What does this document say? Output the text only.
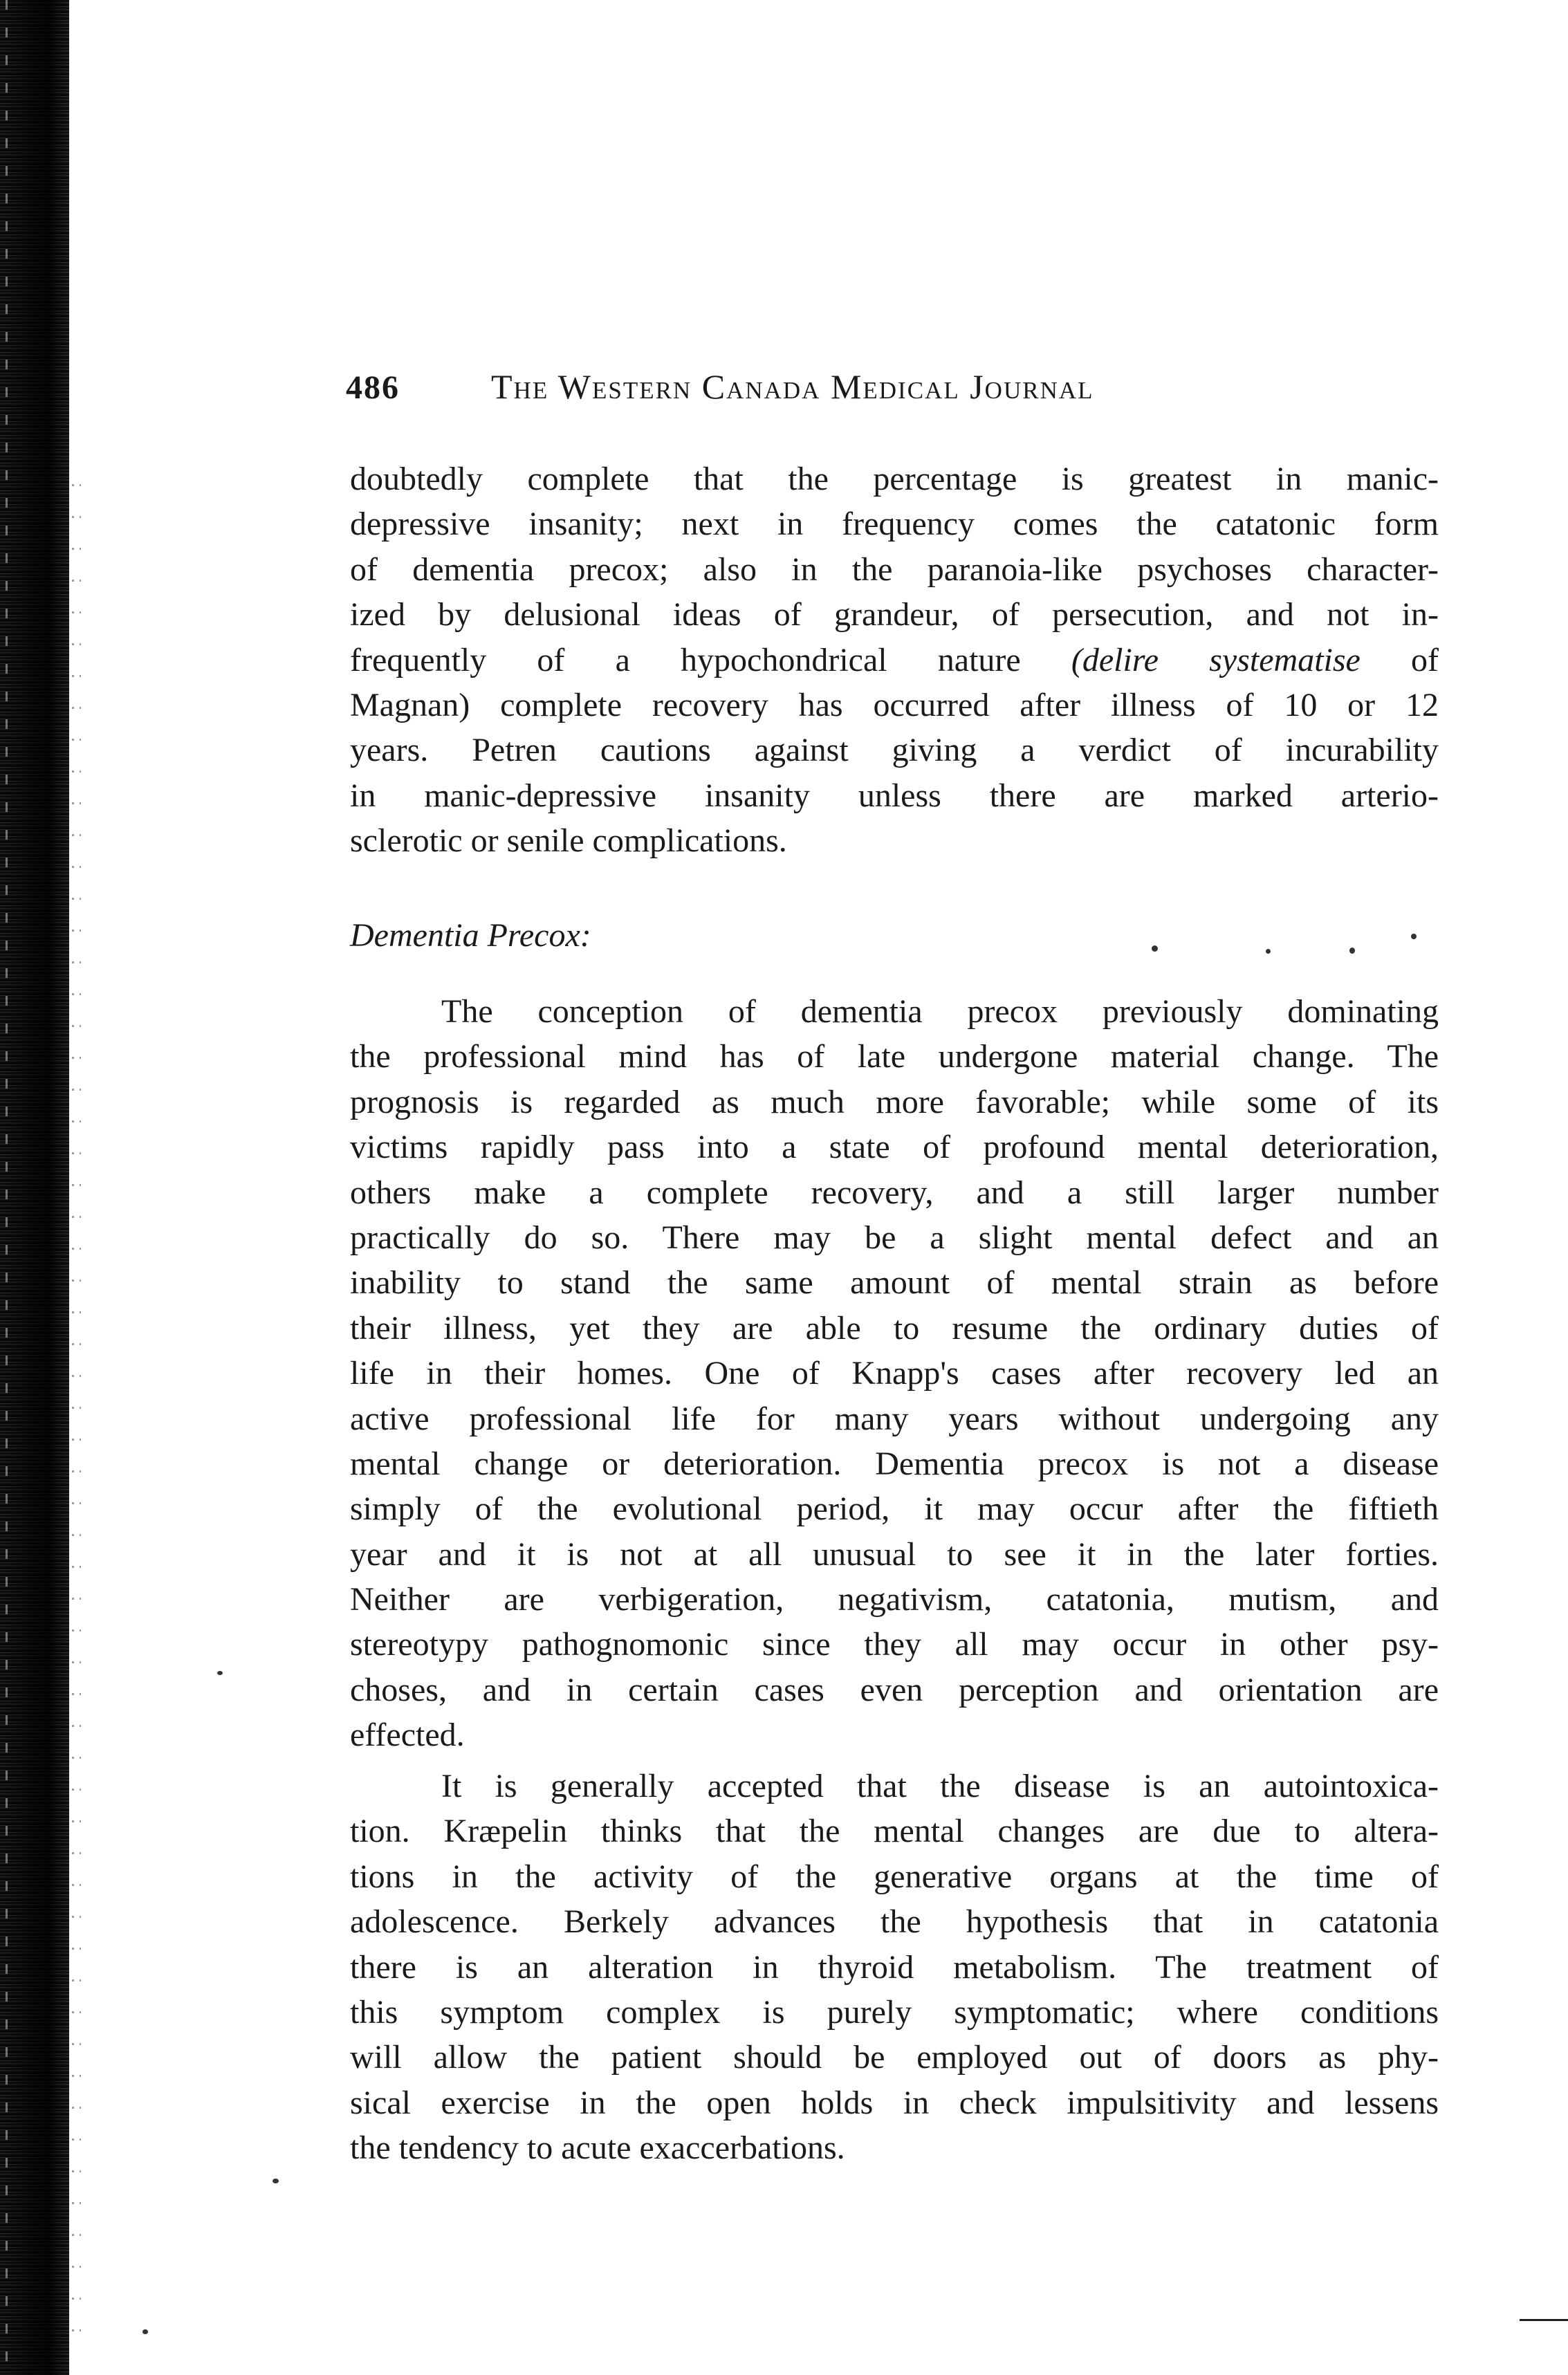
486	The Western Canada Medical Journal
doubtedly complete that the percentage is greatest in manic-
depressive insanity; next in frequency comes the catatonic form
of dementia precox; also in the paranoia-like psychoses character-
ized by delusional ideas of grandeur, of persecution, and not in-
frequently of a hypochondrical nature (delire systematise of
Magnan) complete recovery has occurred after illness of 10 or 12
years. Petren cautions against giving a verdict of incurability
in manic-depressive insanity unless there are marked arterio-
sclerotic or senile complications.
Dementia Precox:
The conception of dementia precox previously dominating
the professional mind has of late undergone material change. The
prognosis is regarded as much more favorable; while some of its
victims rapidly pass into a state of profound mental deterioration,
others make a complete recovery, and a still larger number
practically do so. There may be a slight mental defect and an
inability to stand the same amount of mental strain as before
their illness, yet they are able to resume the ordinary duties of
life in their homes. One of Knapp's cases after recovery led an
active professional life for many years without undergoing any
mental change or deterioration. Dementia precox is not a disease
simply of the evolutional period, it may occur after the fiftieth
year and it is not at all unusual to see it in the later forties.
Neither are verbigeration, negativism, catatonia, mutism, and
stereotypy pathognomonic since they all may occur in other psy-
choses, and in certain cases even perception and orientation are
effected.
It is generally accepted that the disease is an autointoxica-
tion. Kræpelin thinks that the mental changes are due to altera-
tions in the activity of the generative organs at the time of
adolescence. Berkely advances the hypothesis that in catatonia
there is an alteration in thyroid metabolism. The treatment of
this symptom complex is purely symptomatic; where conditions
will allow the patient should be employed out of doors as phy-
sical exercise in the open holds in check impulsitivity and lessens
the tendency to acute exaccerbations.
